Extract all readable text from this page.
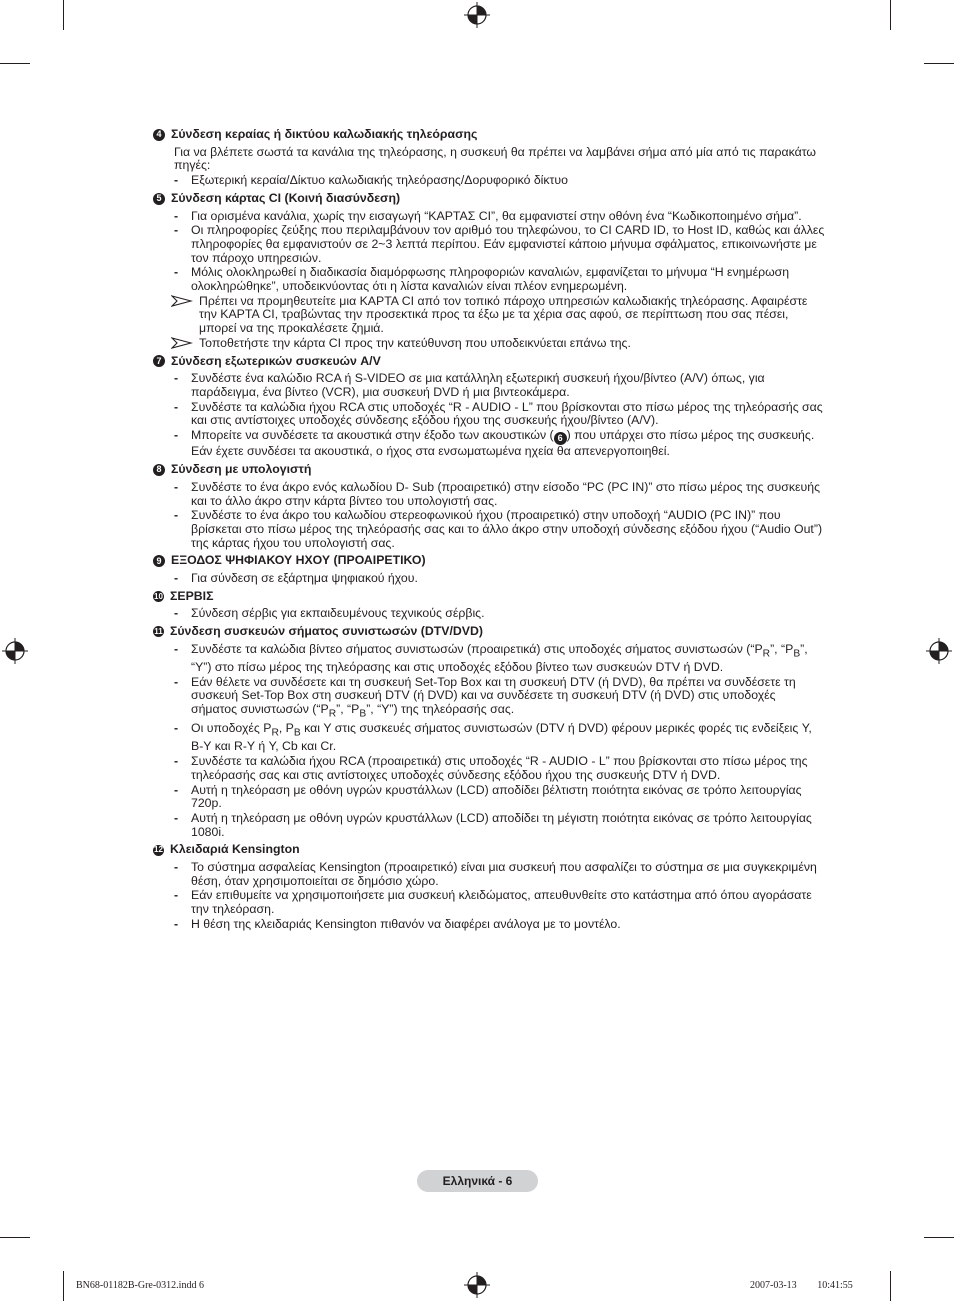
4 Σύνδεση κεραίας ή δικτύου καλωδιακής τηλεόρασης
Για να βλέπετε σωστά τα κανάλια της τηλεόρασης, η συσκευή θα πρέπει να λαμβάνει σήμα από μία από τις παρακάτω πηγές:
- Εξωτερική κεραία/Δίκτυο καλωδιακής τηλεόρασης/Δορυφορικό δίκτυο
5 Σύνδεση κάρτας CI (Κοινή διασύνδεση)
- Για ορισμένα κανάλια, χωρίς την εισαγωγή “ΚΑΡΤΑΣ CI”, θα εμφανιστεί στην οθόνη ένα “Κωδικοποιημένο σήμα”.
- Οι πληροφορίες ζεύξης που περιλαμβάνουν τον αριθμό του τηλεφώνου, το CI CARD ID, το Host ID, καθώς και άλλες πληροφορίες θα εμφανιστούν σε 2~3 λεπτά περίπου. Εάν εμφανιστεί κάποιο μήνυμα σφάλματος, επικοινωνήστε με τον πάροχο υπηρεσιών.
- Μόλις ολοκληρωθεί η διαδικασία διαμόρφωσης πληροφοριών καναλιών, εμφανίζεται το μήνυμα “Η ενημέρωση ολοκληρώθηκε”, υποδεικνύοντας ότι η λίστα καναλιών είναι πλέον ενημερωμένη.
Πρέπει να προμηθευτείτε μια ΚΑΡΤΑ CI από τον τοπικό πάροχο υπηρεσιών καλωδιακής τηλεόρασης. Αφαιρέστε την ΚΑΡΤΑ CI, τραβώντας την προσεκτικά προς τα έξω με τα χέρια σας αφού, σε περίπτωση που σας πέσει, μπορεί να της προκαλέσετε ζημιά.
Τοποθετήστε την κάρτα CI προς την κατεύθυνση που υποδεικνύεται επάνω της.
7 Σύνδεση εξωτερικών συσκευών A/V
- Συνδέστε ένα καλώδιο RCA ή S-VIDEO σε μια κατάλληλη εξωτερική συσκευή ήχου/βίντεο (A/V) όπως, για παράδειγμα, ένα βίντεο (VCR), μια συσκευή DVD ή μια βιντεοκάμερα.
- Συνδέστε τα καλώδια ήχου RCA στις υποδοχές “R - AUDIO - L” που βρίσκονται στο πίσω μέρος της τηλεόρασής σας και στις αντίστοιχες υποδοχές σύνδεσης εξόδου ήχου της συσκευής ήχου/βίντεο (A/V).
- Μπορείτε να συνδέσετε τα ακουστικά στην έξοδο των ακουστικών ( 6 ) που υπάρχει στο πίσω μέρος της συσκευής. Εάν έχετε συνδέσει τα ακουστικά, ο ήχος στα ενσωματωμένα ηχεία θα απενεργοποιηθεί.
8 Σύνδεση με υπολογιστή
- Συνδέστε το ένα άκρο ενός καλωδίου D- Sub (προαιρετικό) στην είσοδο “PC (PC IN)” στο πίσω μέρος της συσκευής και το άλλο άκρο στην κάρτα βίντεο του υπολογιστή σας.
- Συνδέστε το ένα άκρο του καλωδίου στερεοφωνικού ήχου (προαιρετικό) στην υποδοχή “AUDIO (PC IN)” που βρίσκεται στο πίσω μέρος της τηλεόρασής σας και το άλλο άκρο στην υποδοχή σύνδεσης εξόδου ήχου (“Audio Out”) της κάρτας ήχου του υπολογιστή σας.
9 ΕΞΟΔΟΣ ΨΗΦΙΑΚΟΥ ΗΧΟΥ (ΠΡΟΑΙΡΕΤΙΚΟ)
- Για σύνδεση σε εξάρτημα ψηφιακού ήχου.
10 ΣΕΡΒΙΣ
- Σύνδεση σέρβις για εκπαιδευμένους τεχνικούς σέρβις.
11 Σύνδεση συσκευών σήματος συνιστωσών (DTV/DVD)
- Συνδέστε τα καλώδια βίντεο σήματος συνιστωσών (προαιρετικά) στις υποδοχές σήματος συνιστωσών (“$P_R$”, “$P_B$”, “Y”) στο πίσω μέρος της τηλεόρασης και στις υποδοχές εξόδου βίντεο των συσκευών DTV ή DVD.
- Εάν θέλετε να συνδέσετε και τη συσκευή Set-Top Box και τη συσκευή DTV (ή DVD), θα πρέπει να συνδέσετε τη συσκευή Set-Top Box στη συσκευή DTV (ή DVD) και να συνδέσετε τη συσκευή DTV (ή DVD) στις υποδοχές σήματος συνιστωσών (“$P_R$”, “$P_B$”, “Y”) της τηλεόρασής σας.
- Οι υποδοχές $P_R$, $P_B$ και Y στις συσκευές σήματος συνιστωσών (DTV ή DVD) φέρουν μερικές φορές τις ενδείξεις Y, B-Y και R-Y ή Y, Cb και Cr.
- Συνδέστε τα καλώδια ήχου RCA (προαιρετικά) στις υποδοχές “R - AUDIO - L” που βρίσκονται στο πίσω μέρος της τηλεόρασής σας και στις αντίστοιχες υποδοχές σύνδεσης εξόδου ήχου της συσκευής DTV ή DVD.
- Αυτή η τηλεόραση με οθόνη υγρών κρυστάλλων (LCD) αποδίδει βέλτιστη ποιότητα εικόνας σε τρόπο λειτουργίας 720p.
- Αυτή η τηλεόραση με οθόνη υγρών κρυστάλλων (LCD) αποδίδει τη μέγιστη ποιότητα εικόνας σε τρόπο λειτουργίας 1080i.
12 Κλειδαριά Kensington
- Το σύστημα ασφαλείας Kensington (προαιρετικό) είναι μια συσκευή που ασφαλίζει το σύστημα σε μια συγκεκριμένη θέση, όταν χρησιμοποιείται σε δημόσιο χώρο.
- Εάν επιθυμείτε να χρησιμοποιήσετε μια συσκευή κλειδώματος, απευθυνθείτε στο κατάστημα από όπου αγοράσατε την τηλεόραση.
- Η θέση της κλειδαριάς Kensington πιθανόν να διαφέρει ανάλογα με το μοντέλο.
Ελληνικά - 6
BN68-01182B-Gre-0312.indd 6	2007-03-13 ￿￿ 10:41:55
